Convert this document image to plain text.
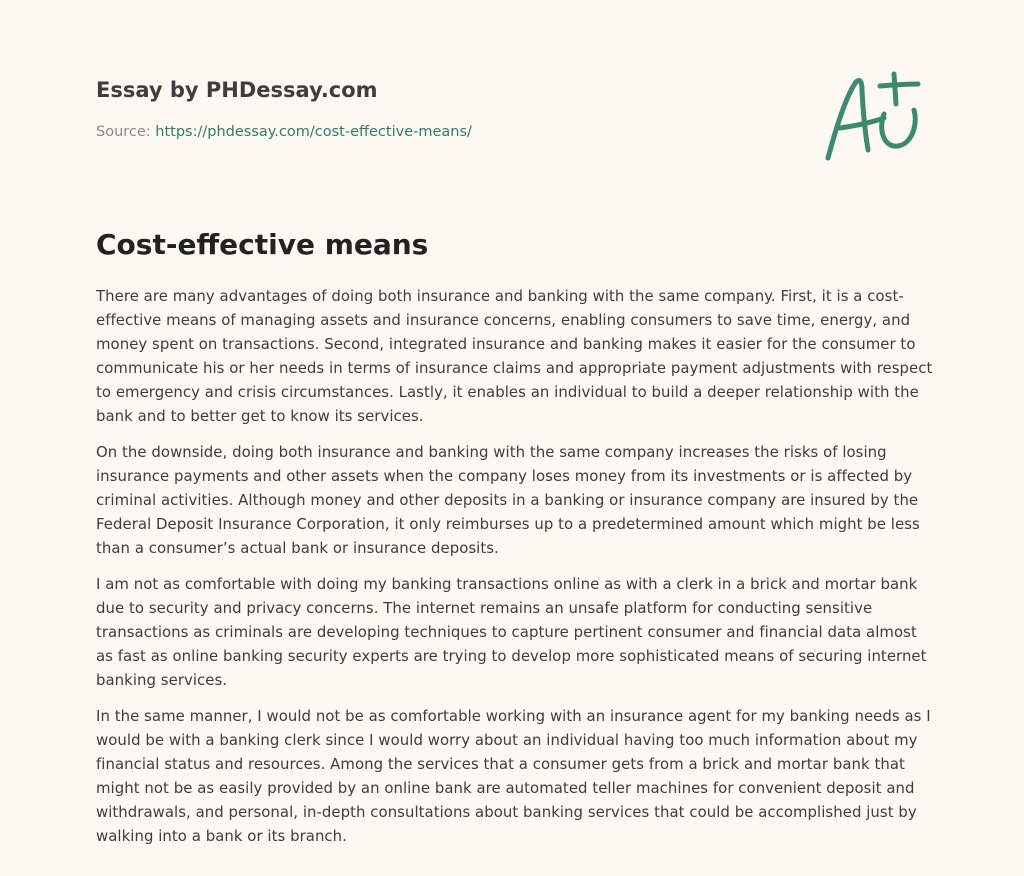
Essay by PHDessay.com
Source: https://phdessay.com/cost-effective-means/
Cost-effective means

There are many advantages of doing both insurance and banking with the same company. First, it is a cost-effective means of managing assets and insurance concerns, enabling consumers to save time, energy, and money spent on transactions. Second, integrated insurance and banking makes it easier for the consumer to communicate his or her needs in terms of insurance claims and appropriate payment adjustments with respect to emergency and crisis circumstances. Lastly, it enables an individual to build a deeper relationship with the bank and to better get to know its services.

On the downside, doing both insurance and banking with the same company increases the risks of losing insurance payments and other assets when the company loses money from its investments or is affected by criminal activities. Although money and other deposits in a banking or insurance company are insured by the Federal Deposit Insurance Corporation, it only reimburses up to a predetermined amount which might be less than a consumer’s actual bank or insurance deposits.

I am not as comfortable with doing my banking transactions online as with a clerk in a brick and mortar bank due to security and privacy concerns. The internet remains an unsafe platform for conducting sensitive transactions as criminals are developing techniques to capture pertinent consumer and financial data almost as fast as online banking security experts are trying to develop more sophisticated means of securing internet banking services.

In the same manner, I would not be as comfortable working with an insurance agent for my banking needs as I would be with a banking clerk since I would worry about an individual having too much information about my financial status and resources. Among the services that a consumer gets from a brick and mortar bank that might not be as easily provided by an online bank are automated teller machines for convenient deposit and withdrawals, and personal, in-depth consultations about banking services that could be accomplished just by walking into a bank or its branch.
